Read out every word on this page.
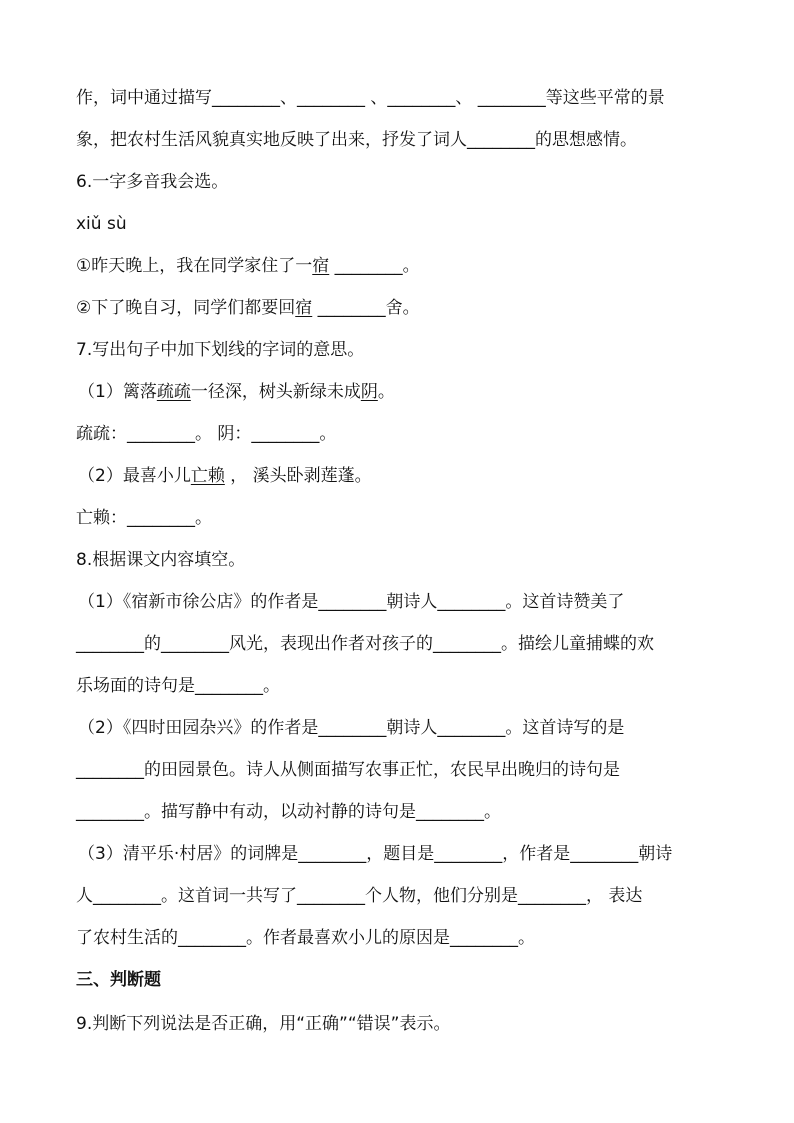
作，词中通过描写________、________ 、________、 ________等这些平常的景
象，把农村生活风貌真实地反映了出来，抒发了词人________的思想感情。
6.一字多音我会选。
xiǔ sù
①昨天晚上，我在同学家住了一宿 ________。
②下了晚自习，同学们都要回宿 ________舍。
7.写出句子中加下划线的字词的意思。
（1）篱落疏疏一径深，树头新绿未成阴。
疏疏：________。 阴：________。
（2）最喜小儿亡赖 ， 溪头卧剥莲蓬。
亡赖：________。
8.根据课文内容填空。
（1）《宿新市徐公店》的作者是________朝诗人________。这首诗赞美了
________的________风光，表现出作者对孩子的________。描绘儿童捕蝶的欢
乐场面的诗句是________。
（2）《四时田园杂兴》的作者是________朝诗人________。这首诗写的是
________的田园景色。诗人从侧面描写农事正忙，农民早出晚归的诗句是
________。描写静中有动，以动衬静的诗句是________。
（3）清平乐·村居》的词牌是________，题目是________，作者是________朝诗
人________。这首词一共写了________个人物，他们分别是________， 表达
了农村生活的________。作者最喜欢小儿的原因是________。
三、判断题
9.判断下列说法是否正确，用“正确”“错误”表示。
